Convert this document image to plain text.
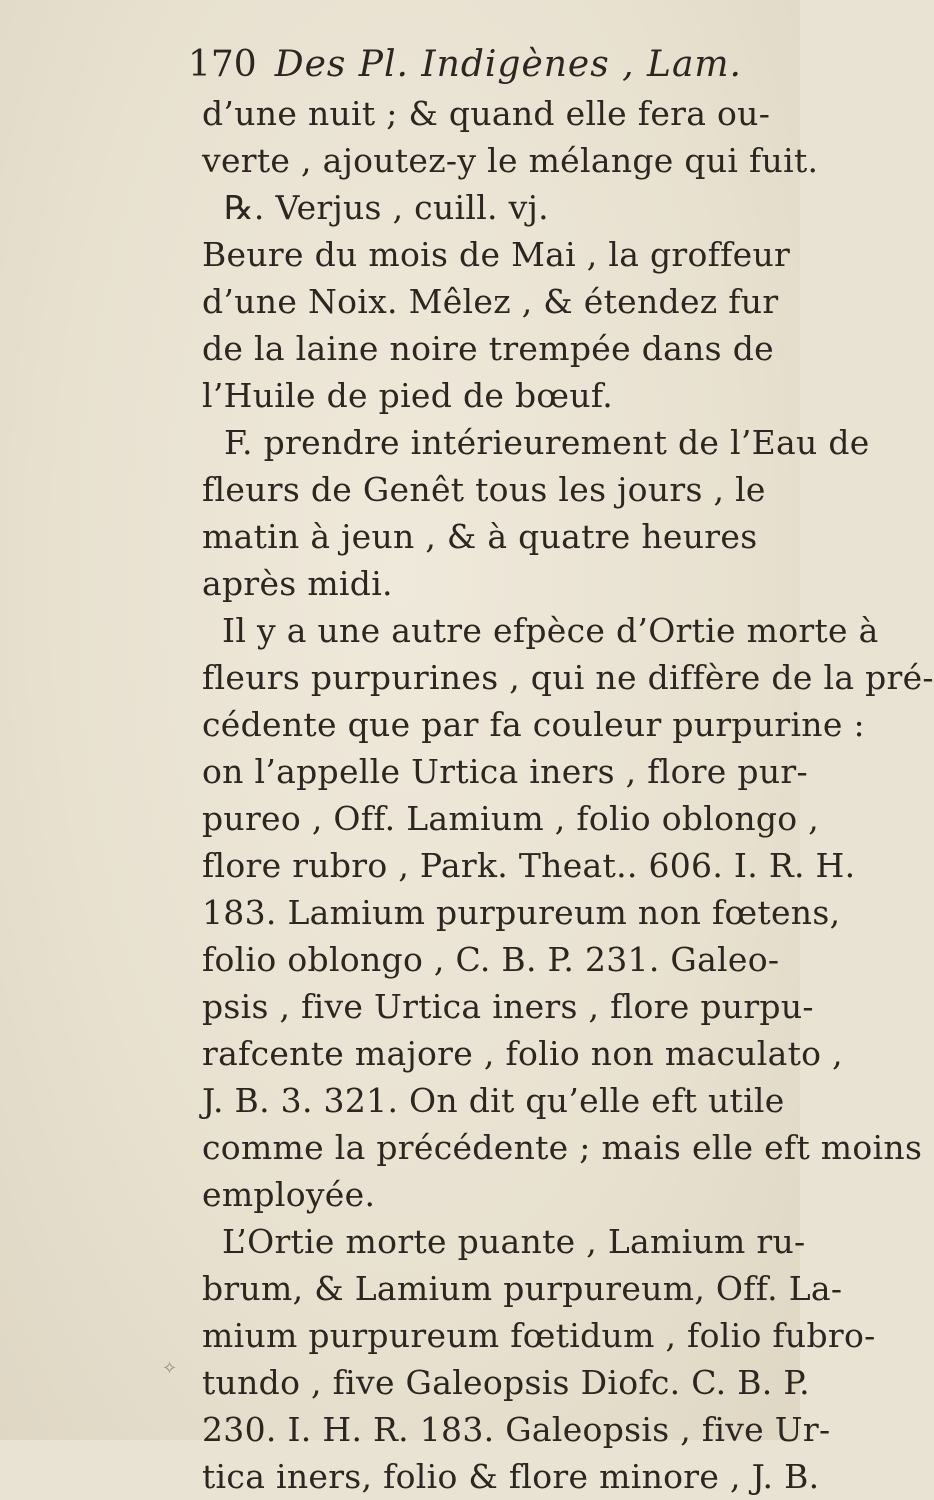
170 Des Pl. Indigènes , Lam.
d’une nuit ; & quand elle fera ou-
verte , ajoutez-y le mélange qui fuit.
℞. Verjus , cuill. vj.
Beure du mois de Mai , la groffeur
d’une Noix. Mêlez , & étendez fur
de la laine noire trempée dans de
l’Huile de pied de bœuf.
F. prendre intérieurement de l’Eau de
fleurs de Genêt tous les jours , le
matin à jeun , & à quatre heures
après midi.
Il y a une autre efpèce d’Ortie morte à
fleurs purpurines , qui ne diffère de la pré-
cédente que par fa couleur purpurine :
on l’appelle Urtica iners , flore pur-
pureo , Off. Lamium , folio oblongo ,
flore rubro , Park. Theat.. 606. I. R. H.
183. Lamium purpureum non fœtens,
folio oblongo , C. B. P. 231. Galeo-
psis , five Urtica iners , flore purpu-
rafcente majore , folio non maculato ,
J. B. 3. 321. On dit qu’elle eft utile
comme la précédente ; mais elle eft moins
employée.
L’Ortie morte puante , Lamium ru-
brum, & Lamium purpureum, Off. La-
mium purpureum fœtidum , folio fubro-
tundo , five Galeopsis Diofc. C. B. P.
230. I. H. R. 183. Galeopsis , five Ur-
tica iners, folio & flore minore , J. B.
✧
